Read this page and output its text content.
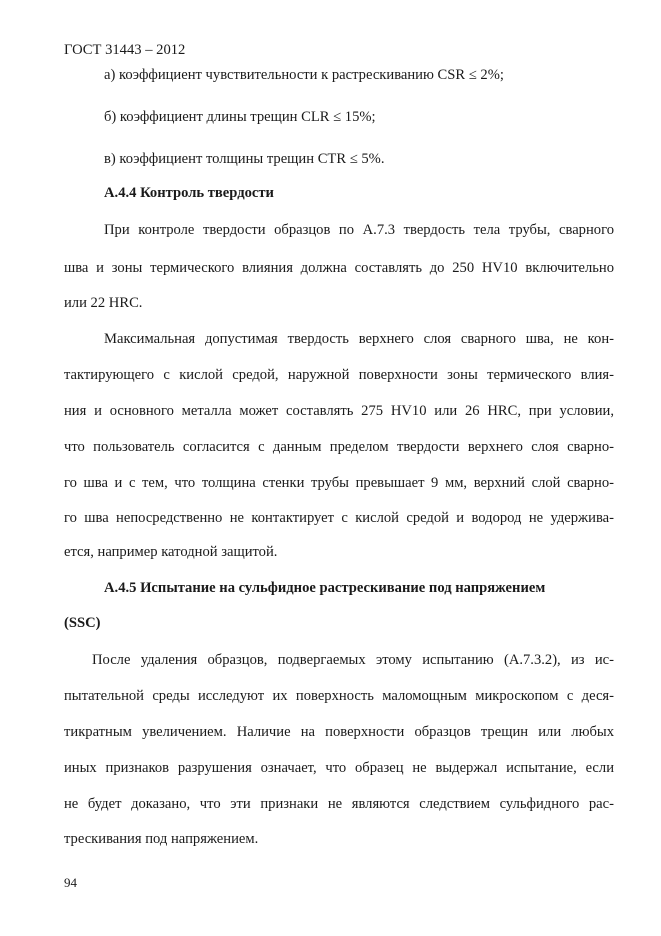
ГОСТ 31443 – 2012
а) коэффициент чувствительности к растрескиванию CSR ≤ 2%;
б) коэффициент длины трещин CLR ≤ 15%;
в) коэффициент толщины трещин CTR ≤ 5%.
А.4.4 Контроль твердости
При контроле твердости образцов по А.7.3 твердость тела трубы, сварного
шва и зоны термического влияния должна составлять до 250 HV10 включительно
или 22 HRC.
Максимальная допустимая твердость верхнего слоя сварного шва, не кон-
тактирующего с кислой средой, наружной поверхности зоны термического влия-
ния и основного металла может составлять 275 HV10 или 26 HRC, при условии,
что пользователь согласится с данным пределом твердости верхнего слоя сварно-
го шва и с тем, что толщина стенки трубы превышает 9 мм, верхний слой сварно-
го шва непосредственно не контактирует с кислой средой и водород не удержива-
ется, например катодной защитой.
А.4.5 Испытание на сульфидное растрескивание под напряжением
(SSC)
После удаления образцов, подвергаемых этому испытанию (А.7.3.2), из ис-
пытательной среды исследуют их поверхность маломощным микроскопом с деся-
тикратным увеличением. Наличие на поверхности образцов трещин или любых
иных признаков разрушения означает, что образец не выдержал испытание, если
не будет доказано, что эти признаки не являются следствием сульфидного рас-
трескивания под напряжением.
94
